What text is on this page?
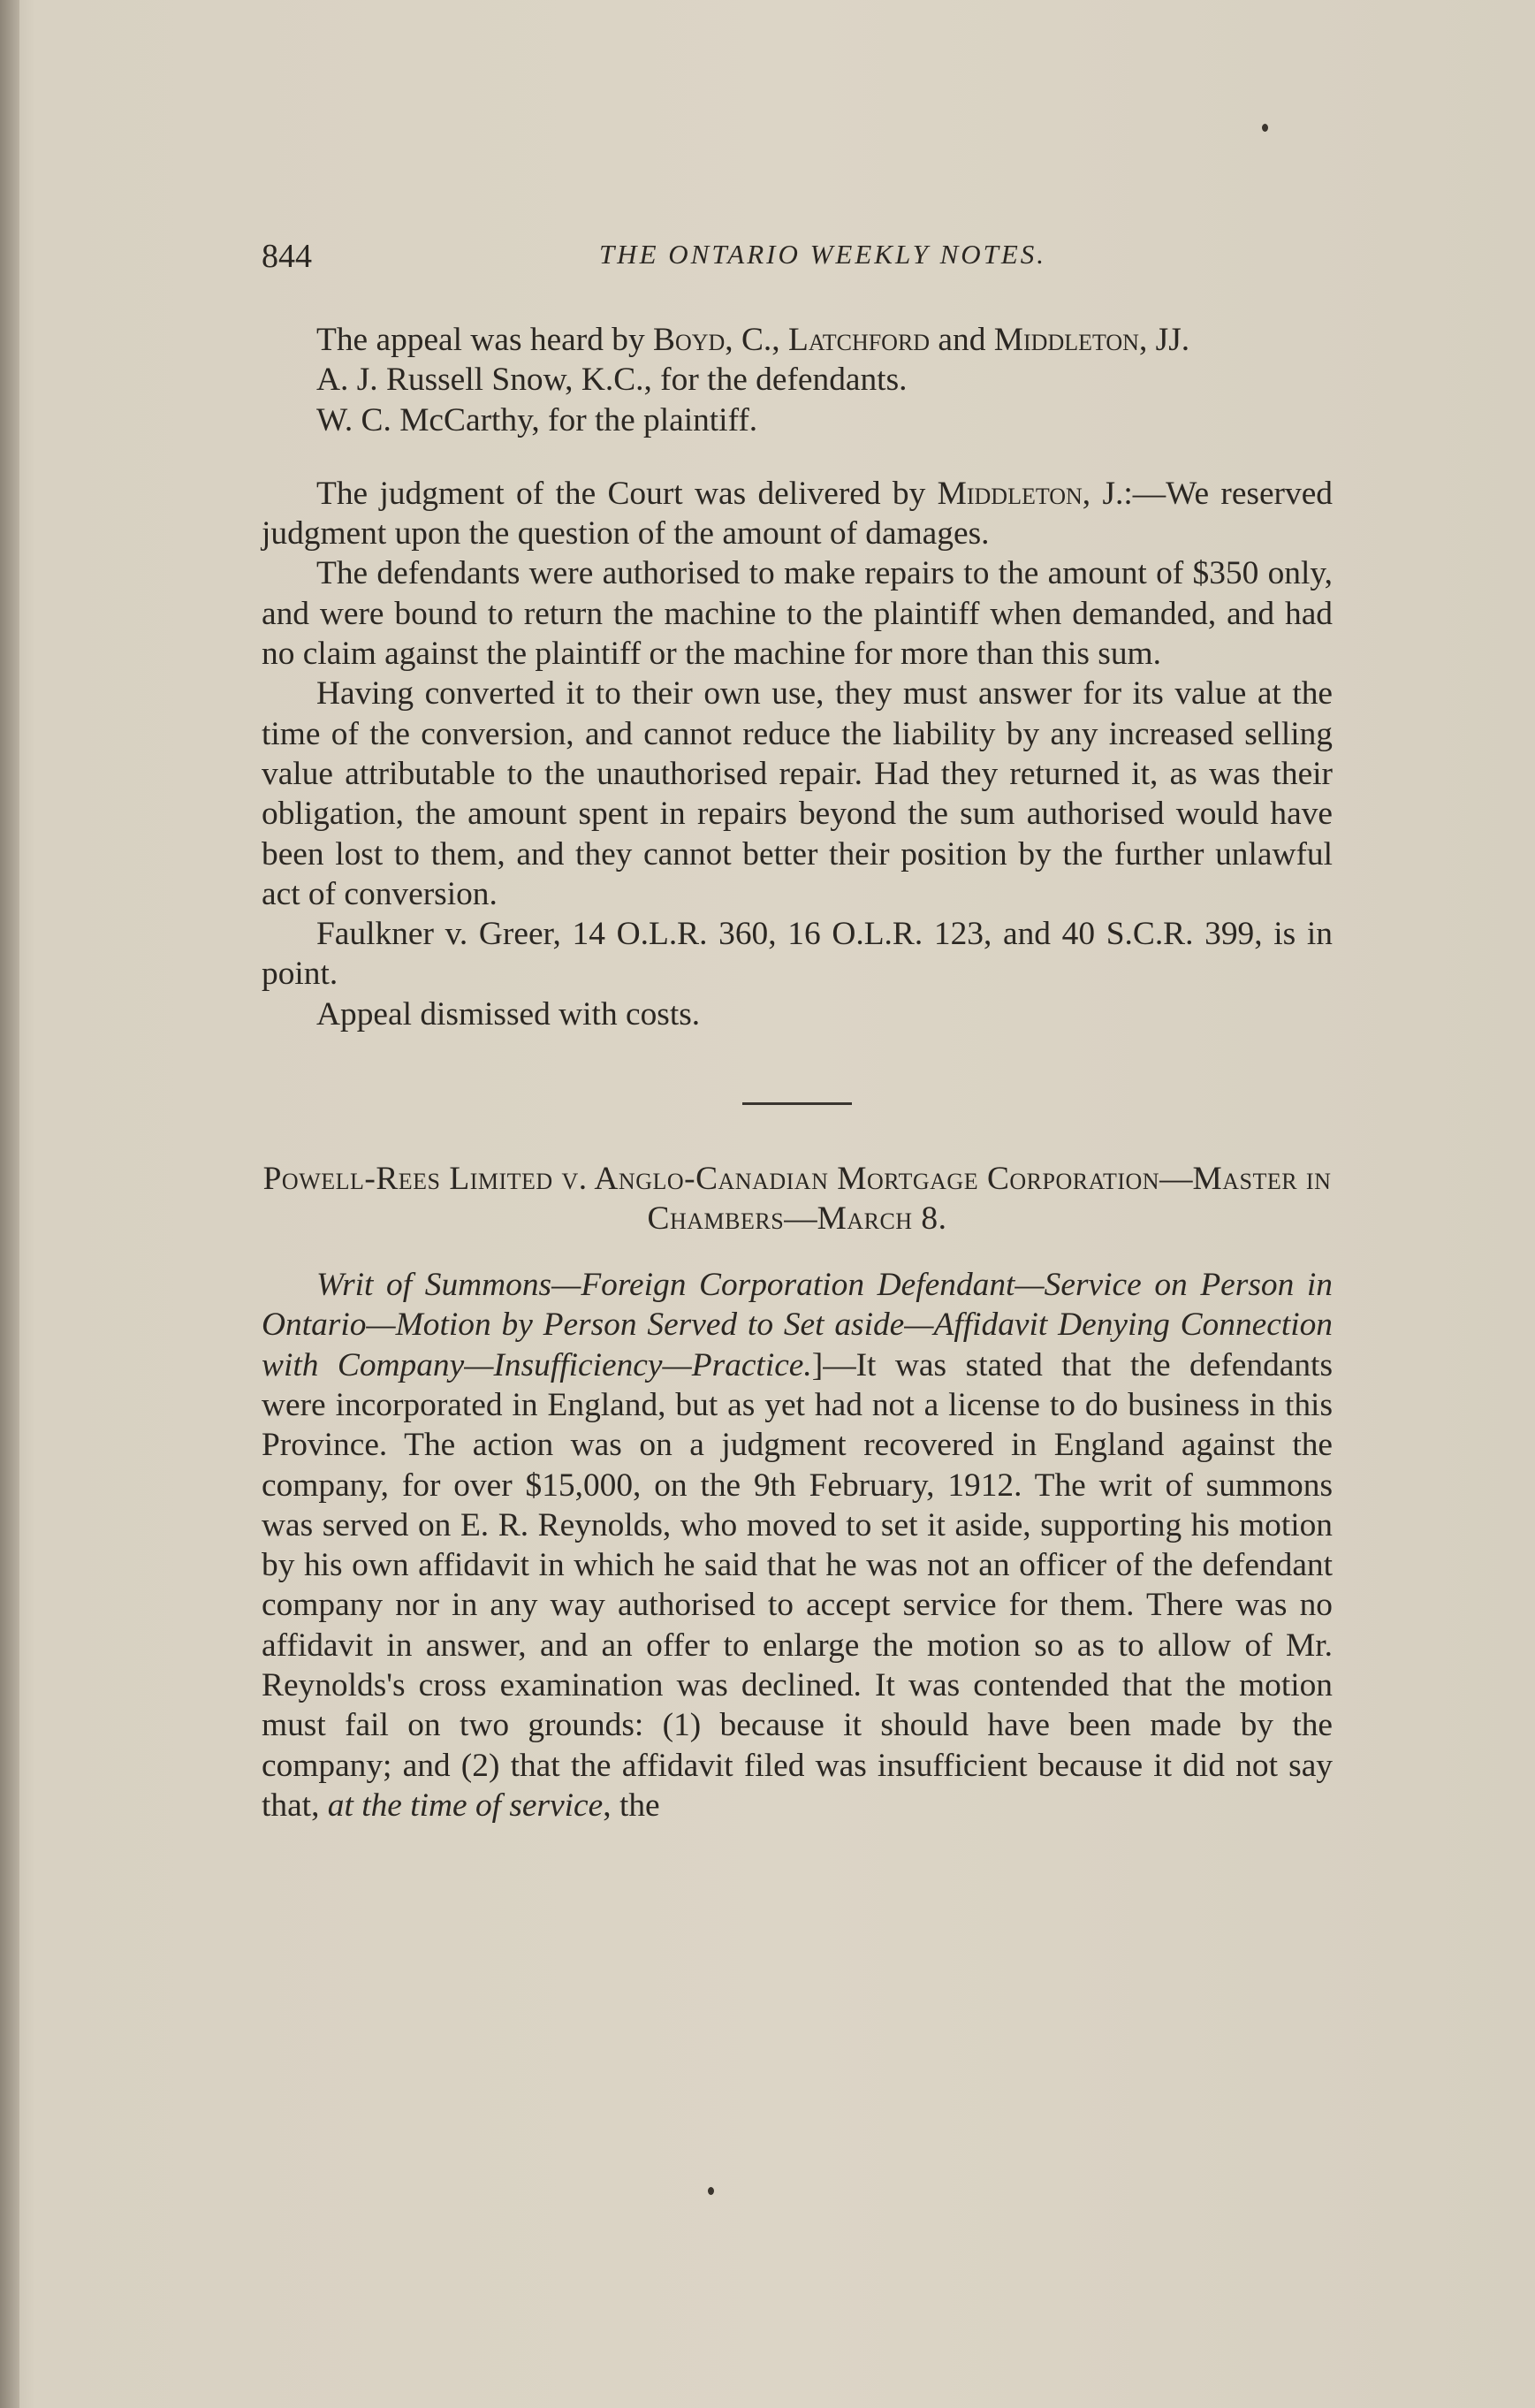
844	THE ONTARIO WEEKLY NOTES.

The appeal was heard by Boyd, C., Latchford and Middleton, JJ.

A. J. Russell Snow, K.C., for the defendants.

W. C. McCarthy, for the plaintiff.

The judgment of the Court was delivered by Middleton, J.:—We reserved judgment upon the question of the amount of damages.

The defendants were authorised to make repairs to the amount of $350 only, and were bound to return the machine to the plaintiff when demanded, and had no claim against the plaintiff or the machine for more than this sum.

Having converted it to their own use, they must answer for its value at the time of the conversion, and cannot reduce the liability by any increased selling value attributable to the unauthorised repair. Had they returned it, as was their obligation, the amount spent in repairs beyond the sum authorised would have been lost to them, and they cannot better their position by the further unlawful act of conversion.

Faulkner v. Greer, 14 O.L.R. 360, 16 O.L.R. 123, and 40 S.C.R. 399, is in point.

Appeal dismissed with costs.

Powell-Rees Limited v. Anglo-Canadian Mortgage Corporation—Master in Chambers—March 8.

Writ of Summons—Foreign Corporation Defendant—Service on Person in Ontario—Motion by Person Served to Set aside—Affidavit Denying Connection with Company—Insufficiency—Practice.]—It was stated that the defendants were incorporated in England, but as yet had not a license to do business in this Province. The action was on a judgment recovered in England against the company, for over $15,000, on the 9th February, 1912. The writ of summons was served on E. R. Reynolds, who moved to set it aside, supporting his motion by his own affidavit in which he said that he was not an officer of the defendant company nor in any way authorised to accept service for them. There was no affidavit in answer, and an offer to enlarge the motion so as to allow of Mr. Reynolds's cross examination was declined. It was contended that the motion must fail on two grounds: (1) because it should have been made by the company; and (2) that the affidavit filed was insufficient because it did not say that, at the time of service, the
